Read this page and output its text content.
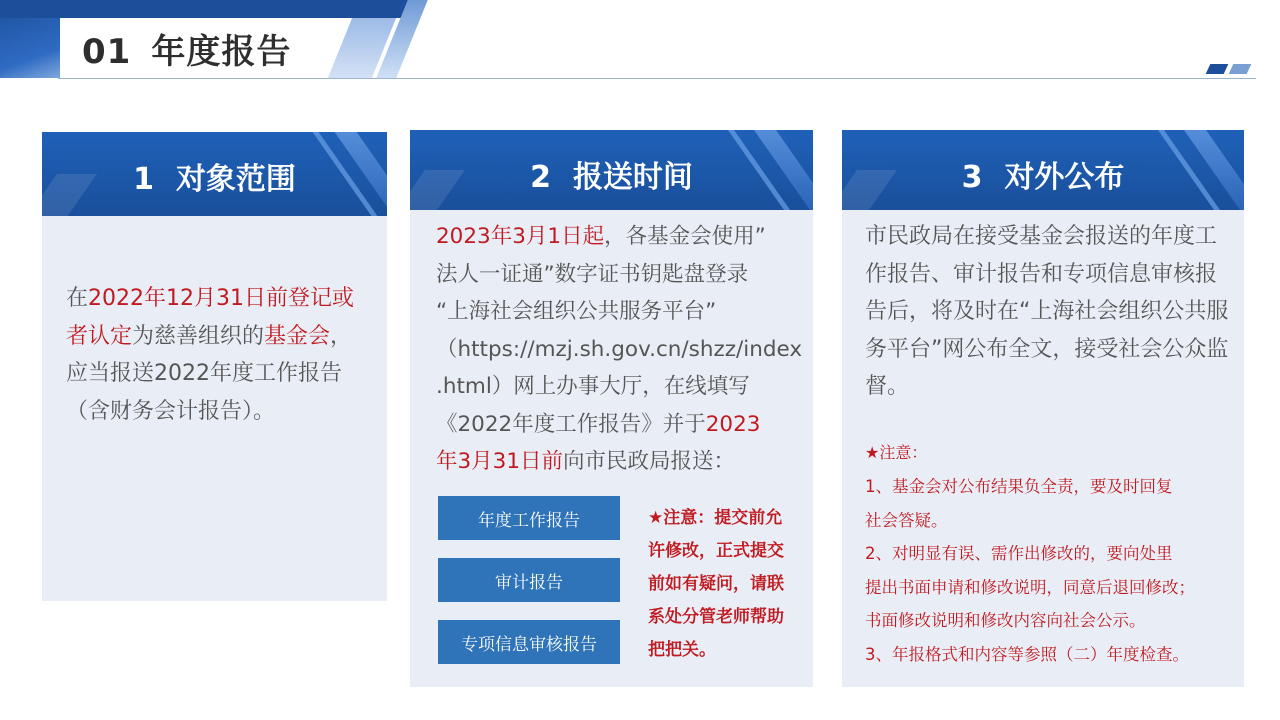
01 年度报告
1 对象范围
在2022年12月31日前登记或
者认定为慈善组织的基金会，
应当报送2022年度工作报告
（含财务会计报告）。
2 报送时间
2023年3月1日起，各基金会使用”
法人一证通”数字证书钥匙盘登录
“上海社会组织公共服务平台”
（https://mzj.sh.gov.cn/shzz/index
.html）网上办事大厅，在线填写
《2022年度工作报告》并于2023
年3月31日前向市民政局报送：
年度工作报告
审计报告
专项信息审核报告
★注意：提交前允许修改，正式提交前如有疑问，请联系处分管老师帮助把把关。
3 对外公布
市民政局在接受基金会报送的年度工作报告、审计报告和专项信息审核报告后，将及时在“上海社会组织公共服务平台”网公布全文，接受社会公众监督。
★注意：
1、基金会对公布结果负全责，要及时回复
社会答疑。
2、对明显有误、需作出修改的，要向处里
提出书面申请和修改说明，同意后退回修改；
书面修改说明和修改内容向社会公示。
3、年报格式和内容等参照（二）年度检查。
